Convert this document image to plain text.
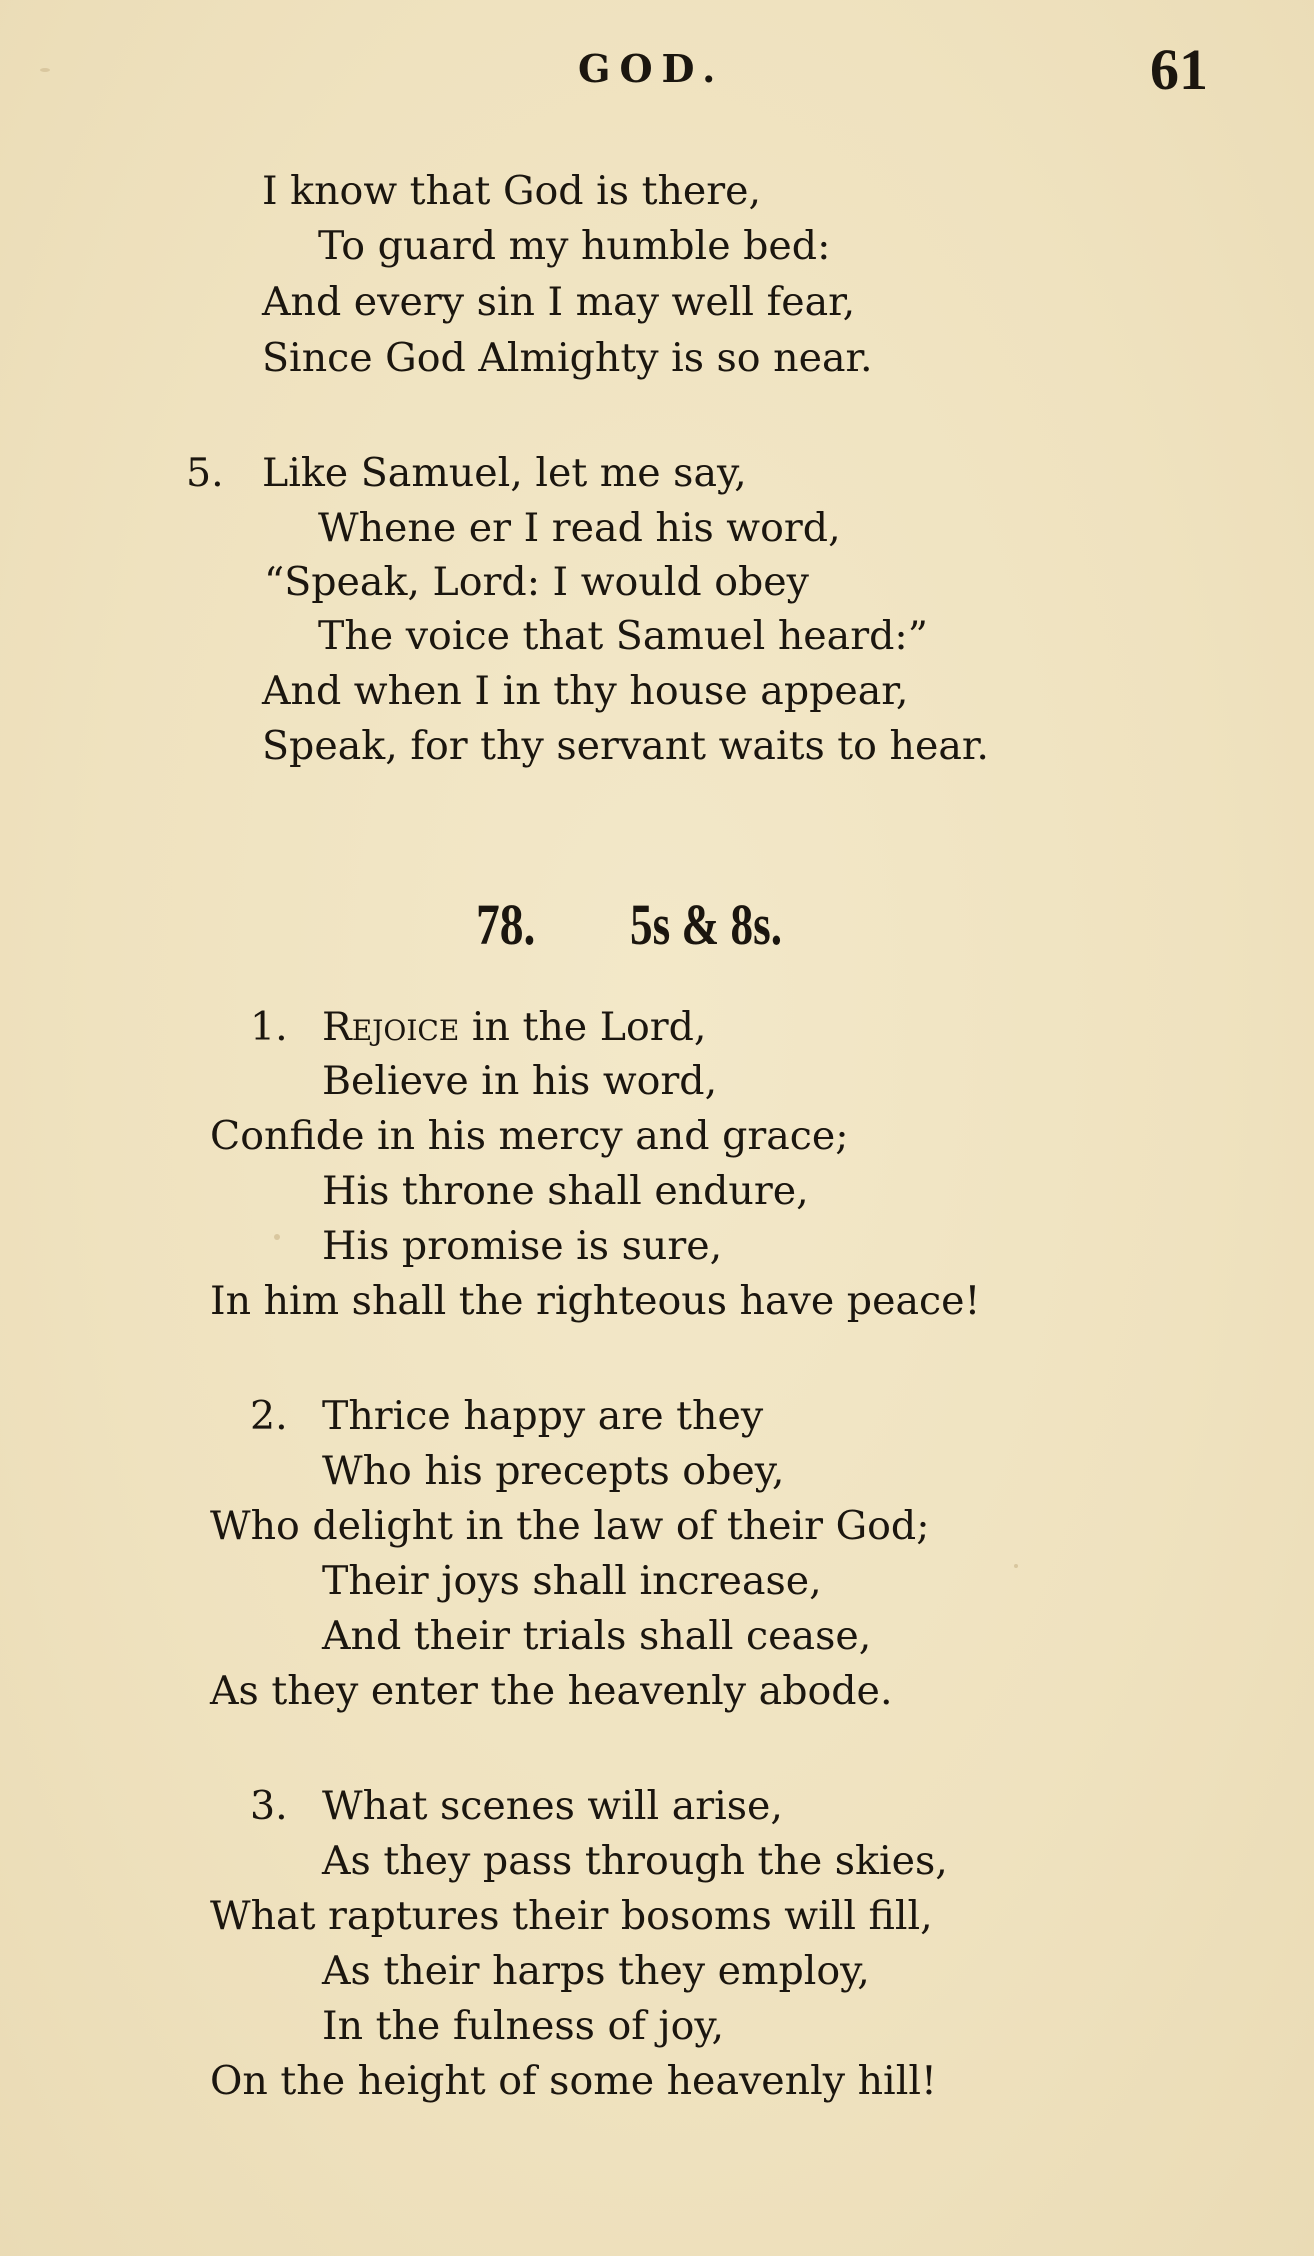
GOD.	61
I know that God is there,
To guard my humble bed:
And every sin I may well fear,
Since God Almighty is so near.
5. Like Samuel, let me say,
Whene er I read his word,
“Speak, Lord: I would obey
The voice that Samuel heard:”
And when I in thy house appear,
Speak, for thy servant waits to hear.
78. 5s & 8s.
1. Rejoice in the Lord,
Believe in his word,
Confide in his mercy and grace;
His throne shall endure,
His promise is sure,
In him shall the righteous have peace!
2. Thrice happy are they
Who his precepts obey,
Who delight in the law of their God;
Their joys shall increase,
And their trials shall cease,
As they enter the heavenly abode.
3. What scenes will arise,
As they pass through the skies,
What raptures their bosoms will fill,
As their harps they employ,
In the fulness of joy,
On the height of some heavenly hill!
